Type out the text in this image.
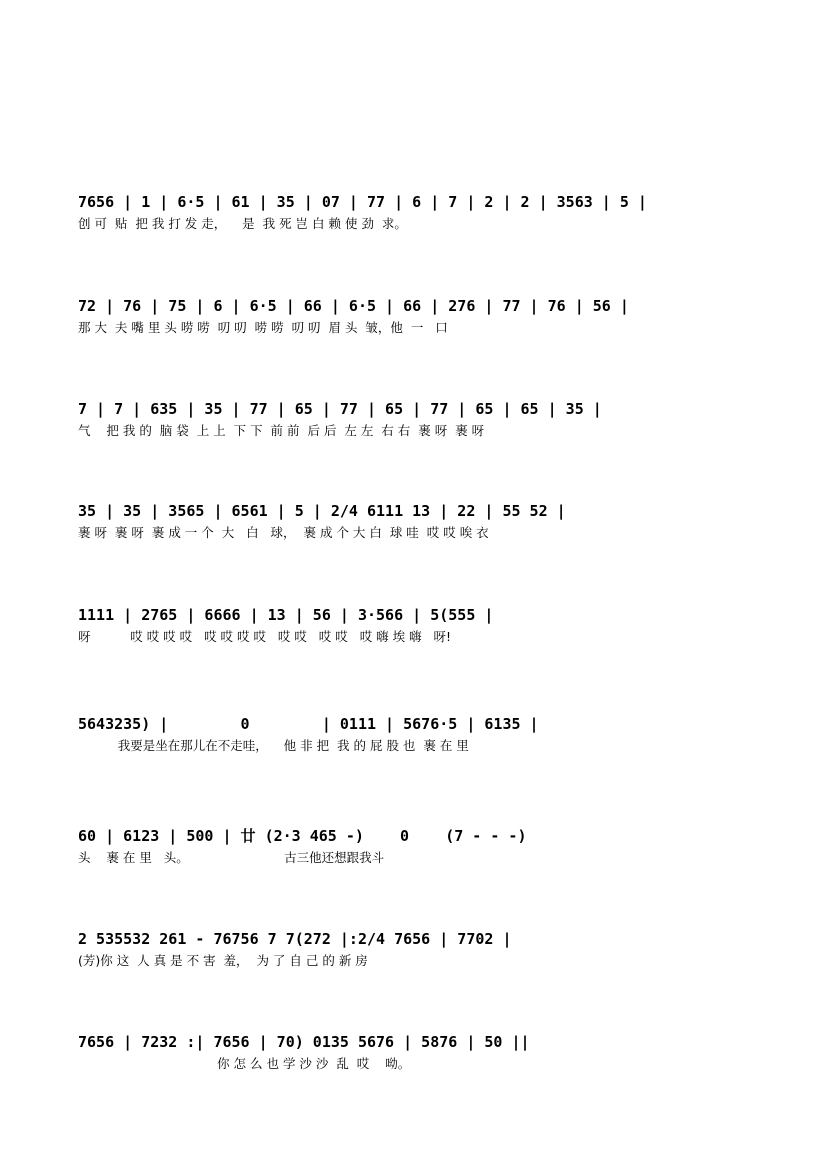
7656 | 1 | 6·5 | 61 | 35 | 07 | 77 | 6 | 7 | 2 | 2 | 3563 | 5 |
创 可  贴  把 我 打 发 走，    是  我 死 岂 白 赖 使 劲  求。
72 | 76 | 75 | 6 | 6·5 | 66 | 6·5 | 66 | 276 | 77 | 76 | 56 |
那 大  夫 嘴 里 头 唠 唠  叨 叨  唠 唠  叨 叨  眉 头  皱，他  一   口
7 | 7 | 635 | 35 | 77 | 65 | 77 | 65 | 77 | 65 | 65 | 35 |
气    把 我 的  脑 袋  上 上  下 下  前 前  后 后  左 左  右 右  裹 呀  裹 呀
35 | 35 | 3565 | 6561 | 5 | 2/4 6111 13 | 22 | 55 52 |
裹 呀  裹 呀  裹 成 一 个  大   白   球，  裹 成 个 大 白  球 哇  哎 哎 唉 衣
1111 | 2765 | 6666 | 13 | 56 | 3·566 | 5(555 |
呀          哎 哎 哎 哎   哎 哎 哎 哎   哎 哎   哎 哎   哎 嗨 埃 嗨   呀!
5643235) |        0        | 0111 | 5676·5 | 6135 |
我要是坐在那儿在不走哇，    他 非 把  我 的 屁 股 也  裹 在 里
60 | 6123 | 500 | 廿 (2·3 465 -)    0    (7 - - -)
头    裹 在 里   头。                        古三他还想跟我斗
2 535532 261 - 76756 7 7(272 |:2/4 7656 | 7702 |
(芳)你 这  人 真 是 不 害  羞，  为 了 自 己 的 新 房
7656 | 7232 :| 7656 | 70) 0135 5676 | 5876 | 50 ||
你 怎 么 也 学 沙 沙  乱  哎    呦。
